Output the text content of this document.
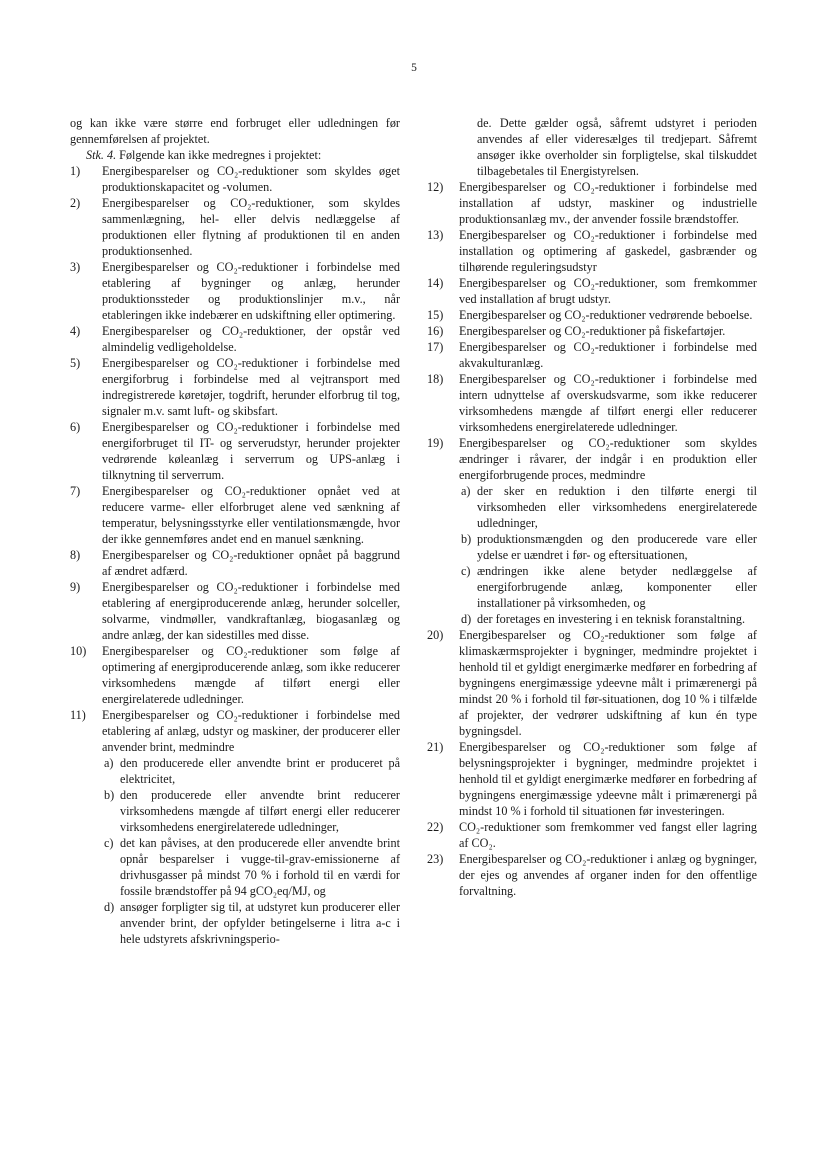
5

og kan ikke være større end forbruget eller udledningen før gennemførelsen af projektet.

Stk. 4. Følgende kan ikke medregnes i projektet:

1) Energibesparelser og CO₂-reduktioner som skyldes øget produktionskapacitet og -volumen.

2) Energibesparelser og CO₂-reduktioner, som skyldes sammenlægning, hel- eller delvis nedlæggelse af produktionen eller flytning af produktionen til en anden produktionsenhed.

3) Energibesparelser og CO₂-reduktioner i forbindelse med etablering af bygninger og anlæg, herunder produktionssteder og produktionslinjer m.v., når etableringen ikke indebærer en udskiftning eller optimering.

4) Energibesparelser og CO₂-reduktioner, der opstår ved almindelig vedligeholdelse.

5) Energibesparelser og CO₂-reduktioner i forbindelse med energiforbrug i forbindelse med al vejtransport med indregistrerede køretøjer, togdrift, herunder elforbrug til tog, signaler m.v. samt luft- og skibsfart.

6) Energibesparelser og CO₂-reduktioner i forbindelse med energiforbruget til IT- og serverudstyr, herunder projekter vedrørende køleanlæg i serverrum og UPS-anlæg i tilknytning til serverrum.

7) Energibesparelser og CO₂-reduktioner opnået ved at reducere varme- eller elforbruget alene ved sænkning af temperatur, belysningsstyrke eller ventilationsmængde, hvor der ikke gennemføres andet end en manuel sænkning.

8) Energibesparelser og CO₂-reduktioner opnået på baggrund af ændret adfærd.

9) Energibesparelser og CO₂-reduktioner i forbindelse med etablering af energiproducerende anlæg, herunder solceller, solvarme, vindmøller, vandkraftanlæg, biogasanlæg og andre anlæg, der kan sidestilles med disse.

10) Energibesparelser og CO₂-reduktioner som følge af optimering af energiproducerende anlæg, som ikke reducerer virksomhedens mængde af tilført energi eller energirelaterede udledninger.

11) Energibesparelser og CO₂-reduktioner i forbindelse med etablering af anlæg, udstyr og maskiner, der producerer eller anvender brint, medmindre

a) den producerede eller anvendte brint er produceret på elektricitet,

b) den producerede eller anvendte brint reducerer virksomhedens mængde af tilført energi eller reducerer virksomhedens energirelaterede udledninger,

c) det kan påvises, at den producerede eller anvendte brint opnår besparelser i vugge-til-grav-emissionerne af drivhusgasser på mindst 70 % i forhold til en værdi for fossile brændstoffer på 94 gCO₂eq/MJ, og

d) ansøger forpligter sig til, at udstyret kun producerer eller anvender brint, der opfylder betingelserne i litra a-c i hele udstyrets afskrivningsperio-

de. Dette gælder også, såfremt udstyret i perioden anvendes af eller videresælges til tredjepart. Såfremt ansøger ikke overholder sin forpligtelse, skal tilskuddet tilbagebetales til Energistyrelsen.

12) Energibesparelser og CO₂-reduktioner i forbindelse med installation af udstyr, maskiner og industrielle produktionsanlæg mv., der anvender fossile brændstoffer.

13) Energibesparelser og CO₂-reduktioner i forbindelse med installation og optimering af gaskedel, gasbrænder og tilhørende reguleringsudstyr

14) Energibesparelser og CO₂-reduktioner, som fremkommer ved installation af brugt udstyr.

15) Energibesparelser og CO₂-reduktioner vedrørende beboelse.

16) Energibesparelser og CO₂-reduktioner på fiskefartøjer.

17) Energibesparelser og CO₂-reduktioner i forbindelse med akvakulturanlæg.

18) Energibesparelser og CO₂-reduktioner i forbindelse med intern udnyttelse af overskudsvarme, som ikke reducerer virksomhedens mængde af tilført energi eller reducerer virksomhedens energirelaterede udledninger.

19) Energibesparelser og CO₂-reduktioner som skyldes ændringer i råvarer, der indgår i en produktion eller energiforbrugende proces, medmindre

a) der sker en reduktion i den tilførte energi til virksomheden eller virksomhedens energirelaterede udledninger,

b) produktionsmængden og den producerede vare eller ydelse er uændret i før- og eftersituationen,

c) ændringen ikke alene betyder nedlæggelse af energiforbrugende anlæg, komponenter eller installationer på virksomheden, og

d) der foretages en investering i en teknisk foranstaltning.

20) Energibesparelser og CO₂-reduktioner som følge af klimaskærmsprojekter i bygninger, medmindre projektet i henhold til et gyldigt energimærke medfører en forbedring af bygningens energimæssige ydeevne målt i primærenergi på mindst 20 % i forhold til før-situationen, dog 10 % i tilfælde af projekter, der vedrører udskiftning af kun én type bygningsdel.

21) Energibesparelser og CO₂-reduktioner som følge af belysningsprojekter i bygninger, medmindre projektet i henhold til et gyldigt energimærke medfører en forbedring af bygningens energimæssige ydeevne målt i primærenergi på mindst 10 % i forhold til situationen før investeringen.

22) CO₂-reduktioner som fremkommer ved fangst eller lagring af CO₂.

23) Energibesparelser og CO₂-reduktioner i anlæg og bygninger, der ejes og anvendes af organer inden for den offentlige forvaltning.
